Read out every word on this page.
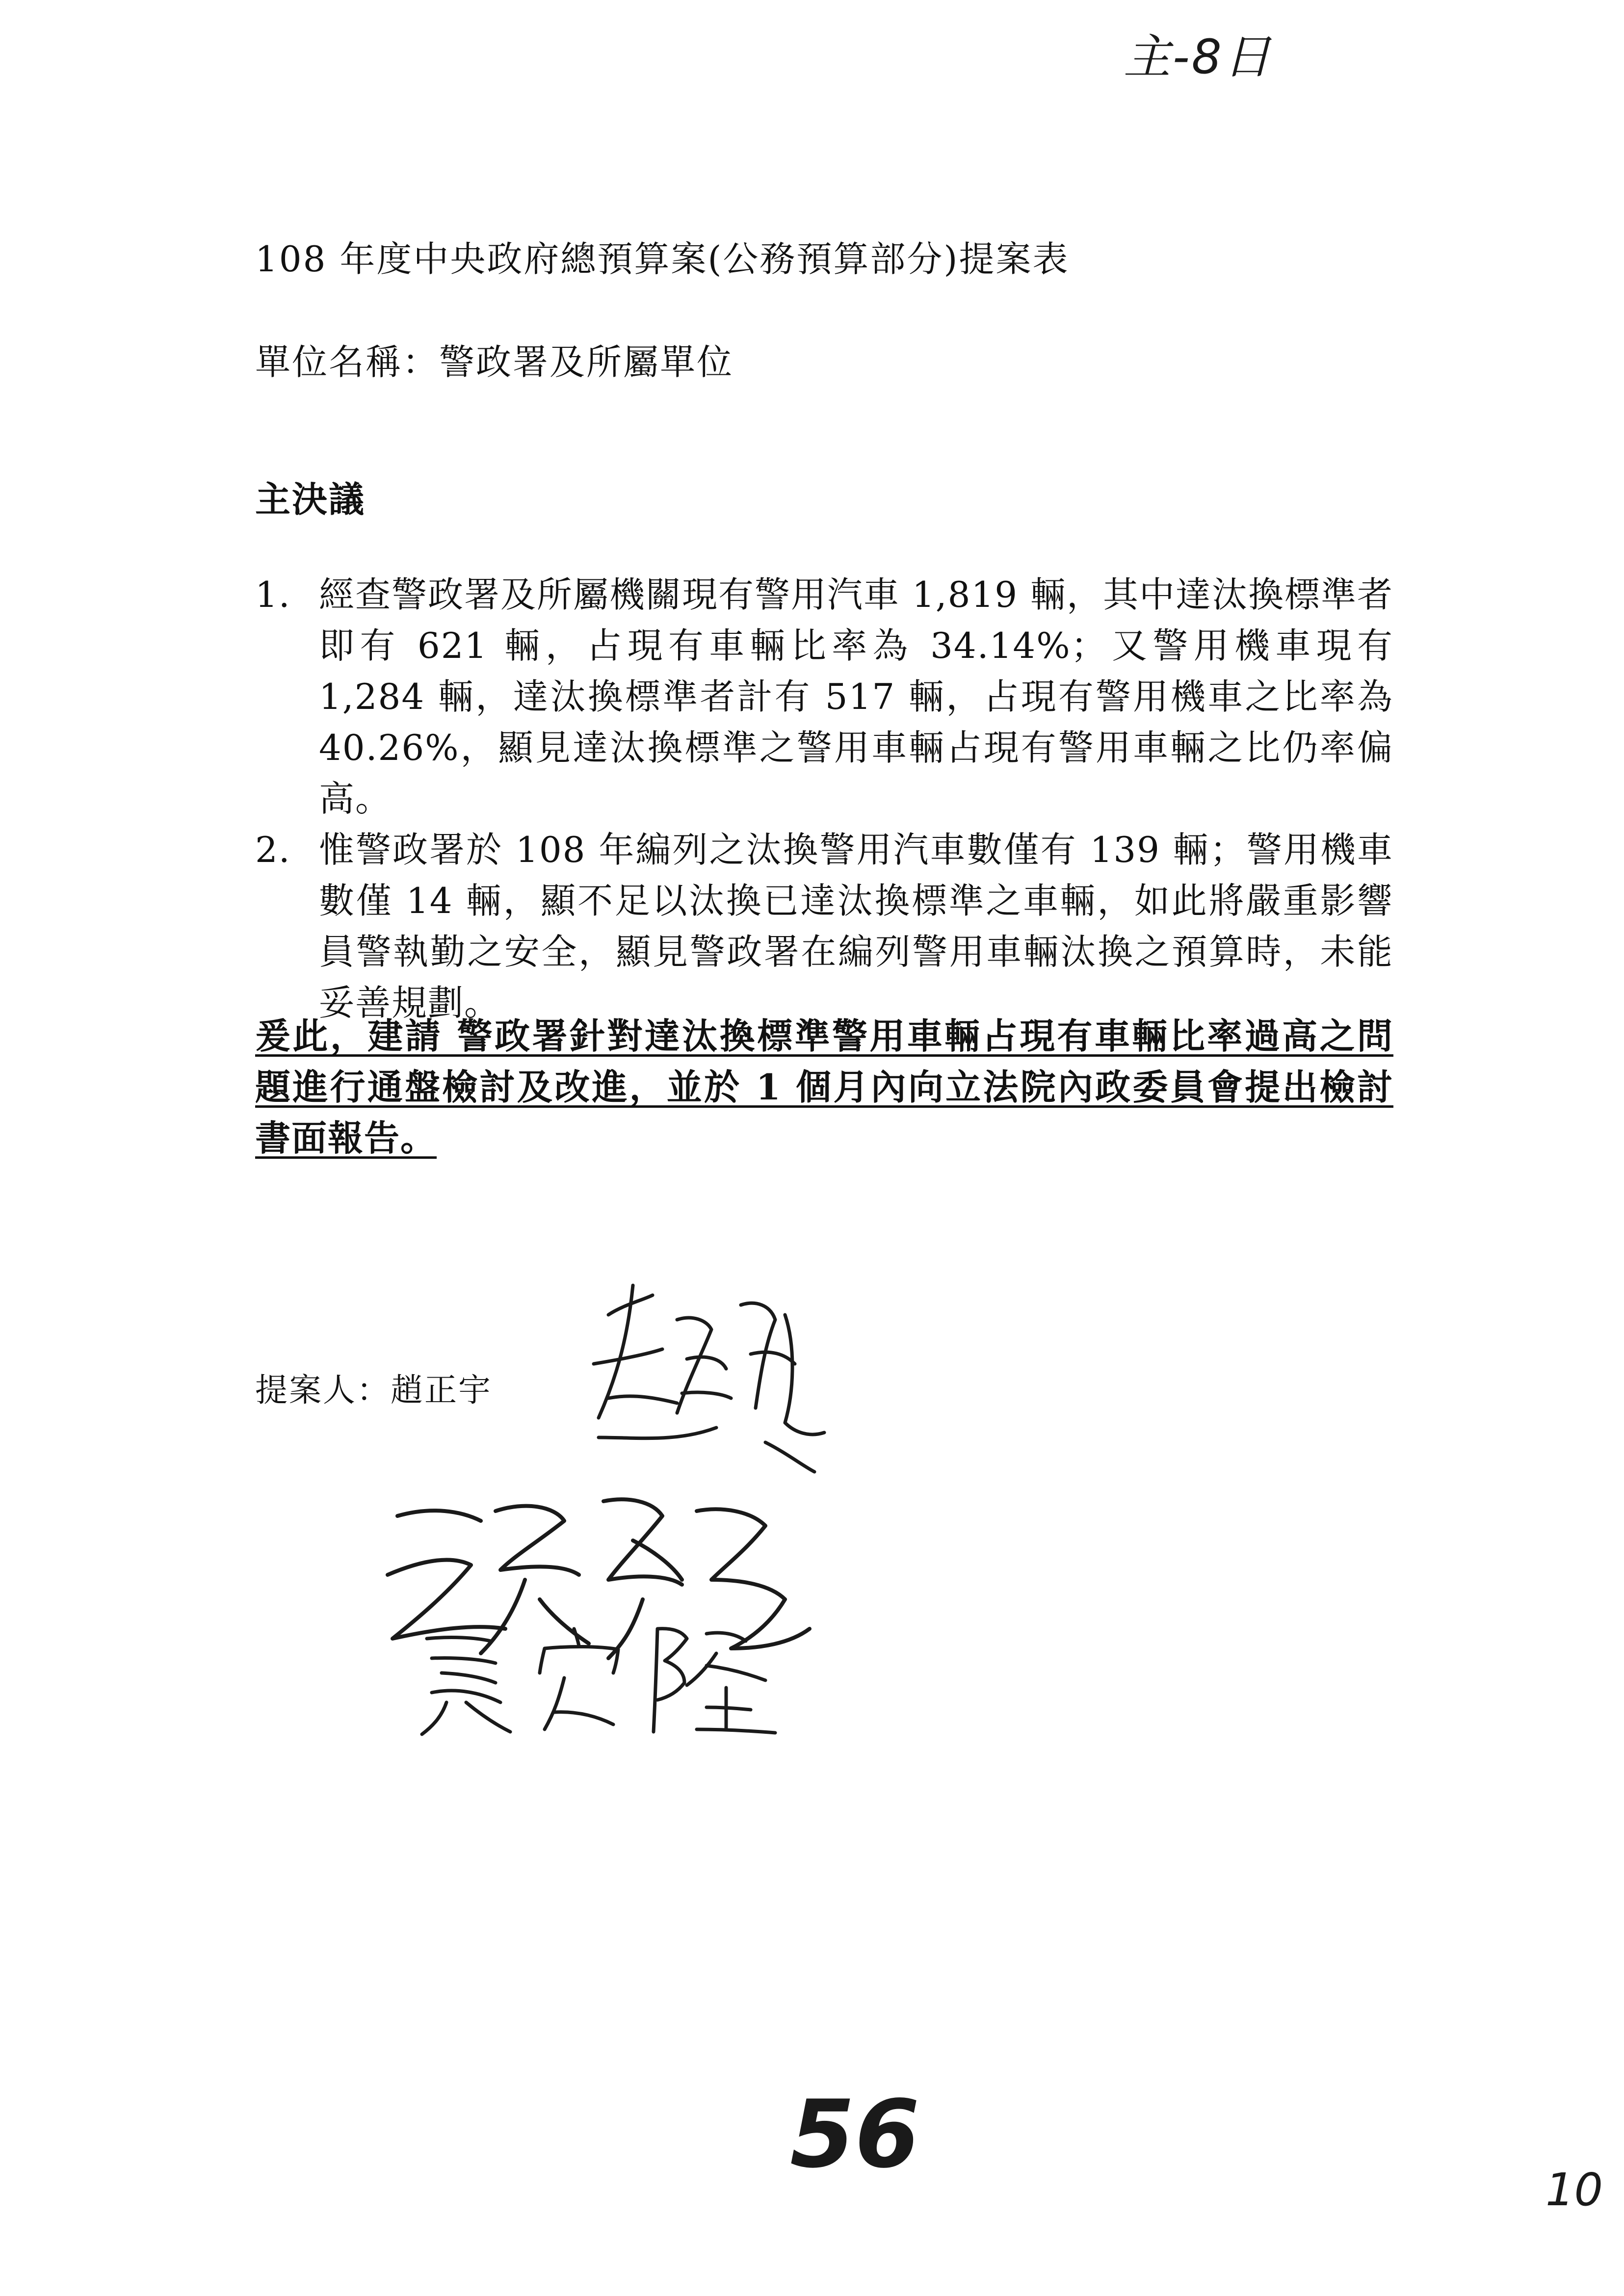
主-8日
108 年度中央政府總預算案(公務預算部分)提案表
單位名稱：警政署及所屬單位
主決議
1. 經查警政署及所屬機關現有警用汽車 1,819 輛，其中達汰換標準者即有 621 輛，占現有車輛比率為 34.14%；又警用機車現有 1,284 輛，達汰換標準者計有 517 輛，占現有警用機車之比率為 40.26%，顯見達汰換標準之警用車輛占現有警用車輛之比仍率偏高。
2. 惟警政署於 108 年編列之汰換警用汽車數僅有 139 輛；警用機車數僅 14 輛，顯不足以汰換已達汰換標準之車輛，如此將嚴重影響員警執勤之安全，顯見警政署在編列警用車輛汰換之預算時，未能妥善規劃。
爰此，建請 警政署針對達汰換標準警用車輛占現有車輛比率過高之問題進行通盤檢討及改進，並於 1 個月內向立法院內政委員會提出檢討書面報告。
提案人：趙正宇
56
10
